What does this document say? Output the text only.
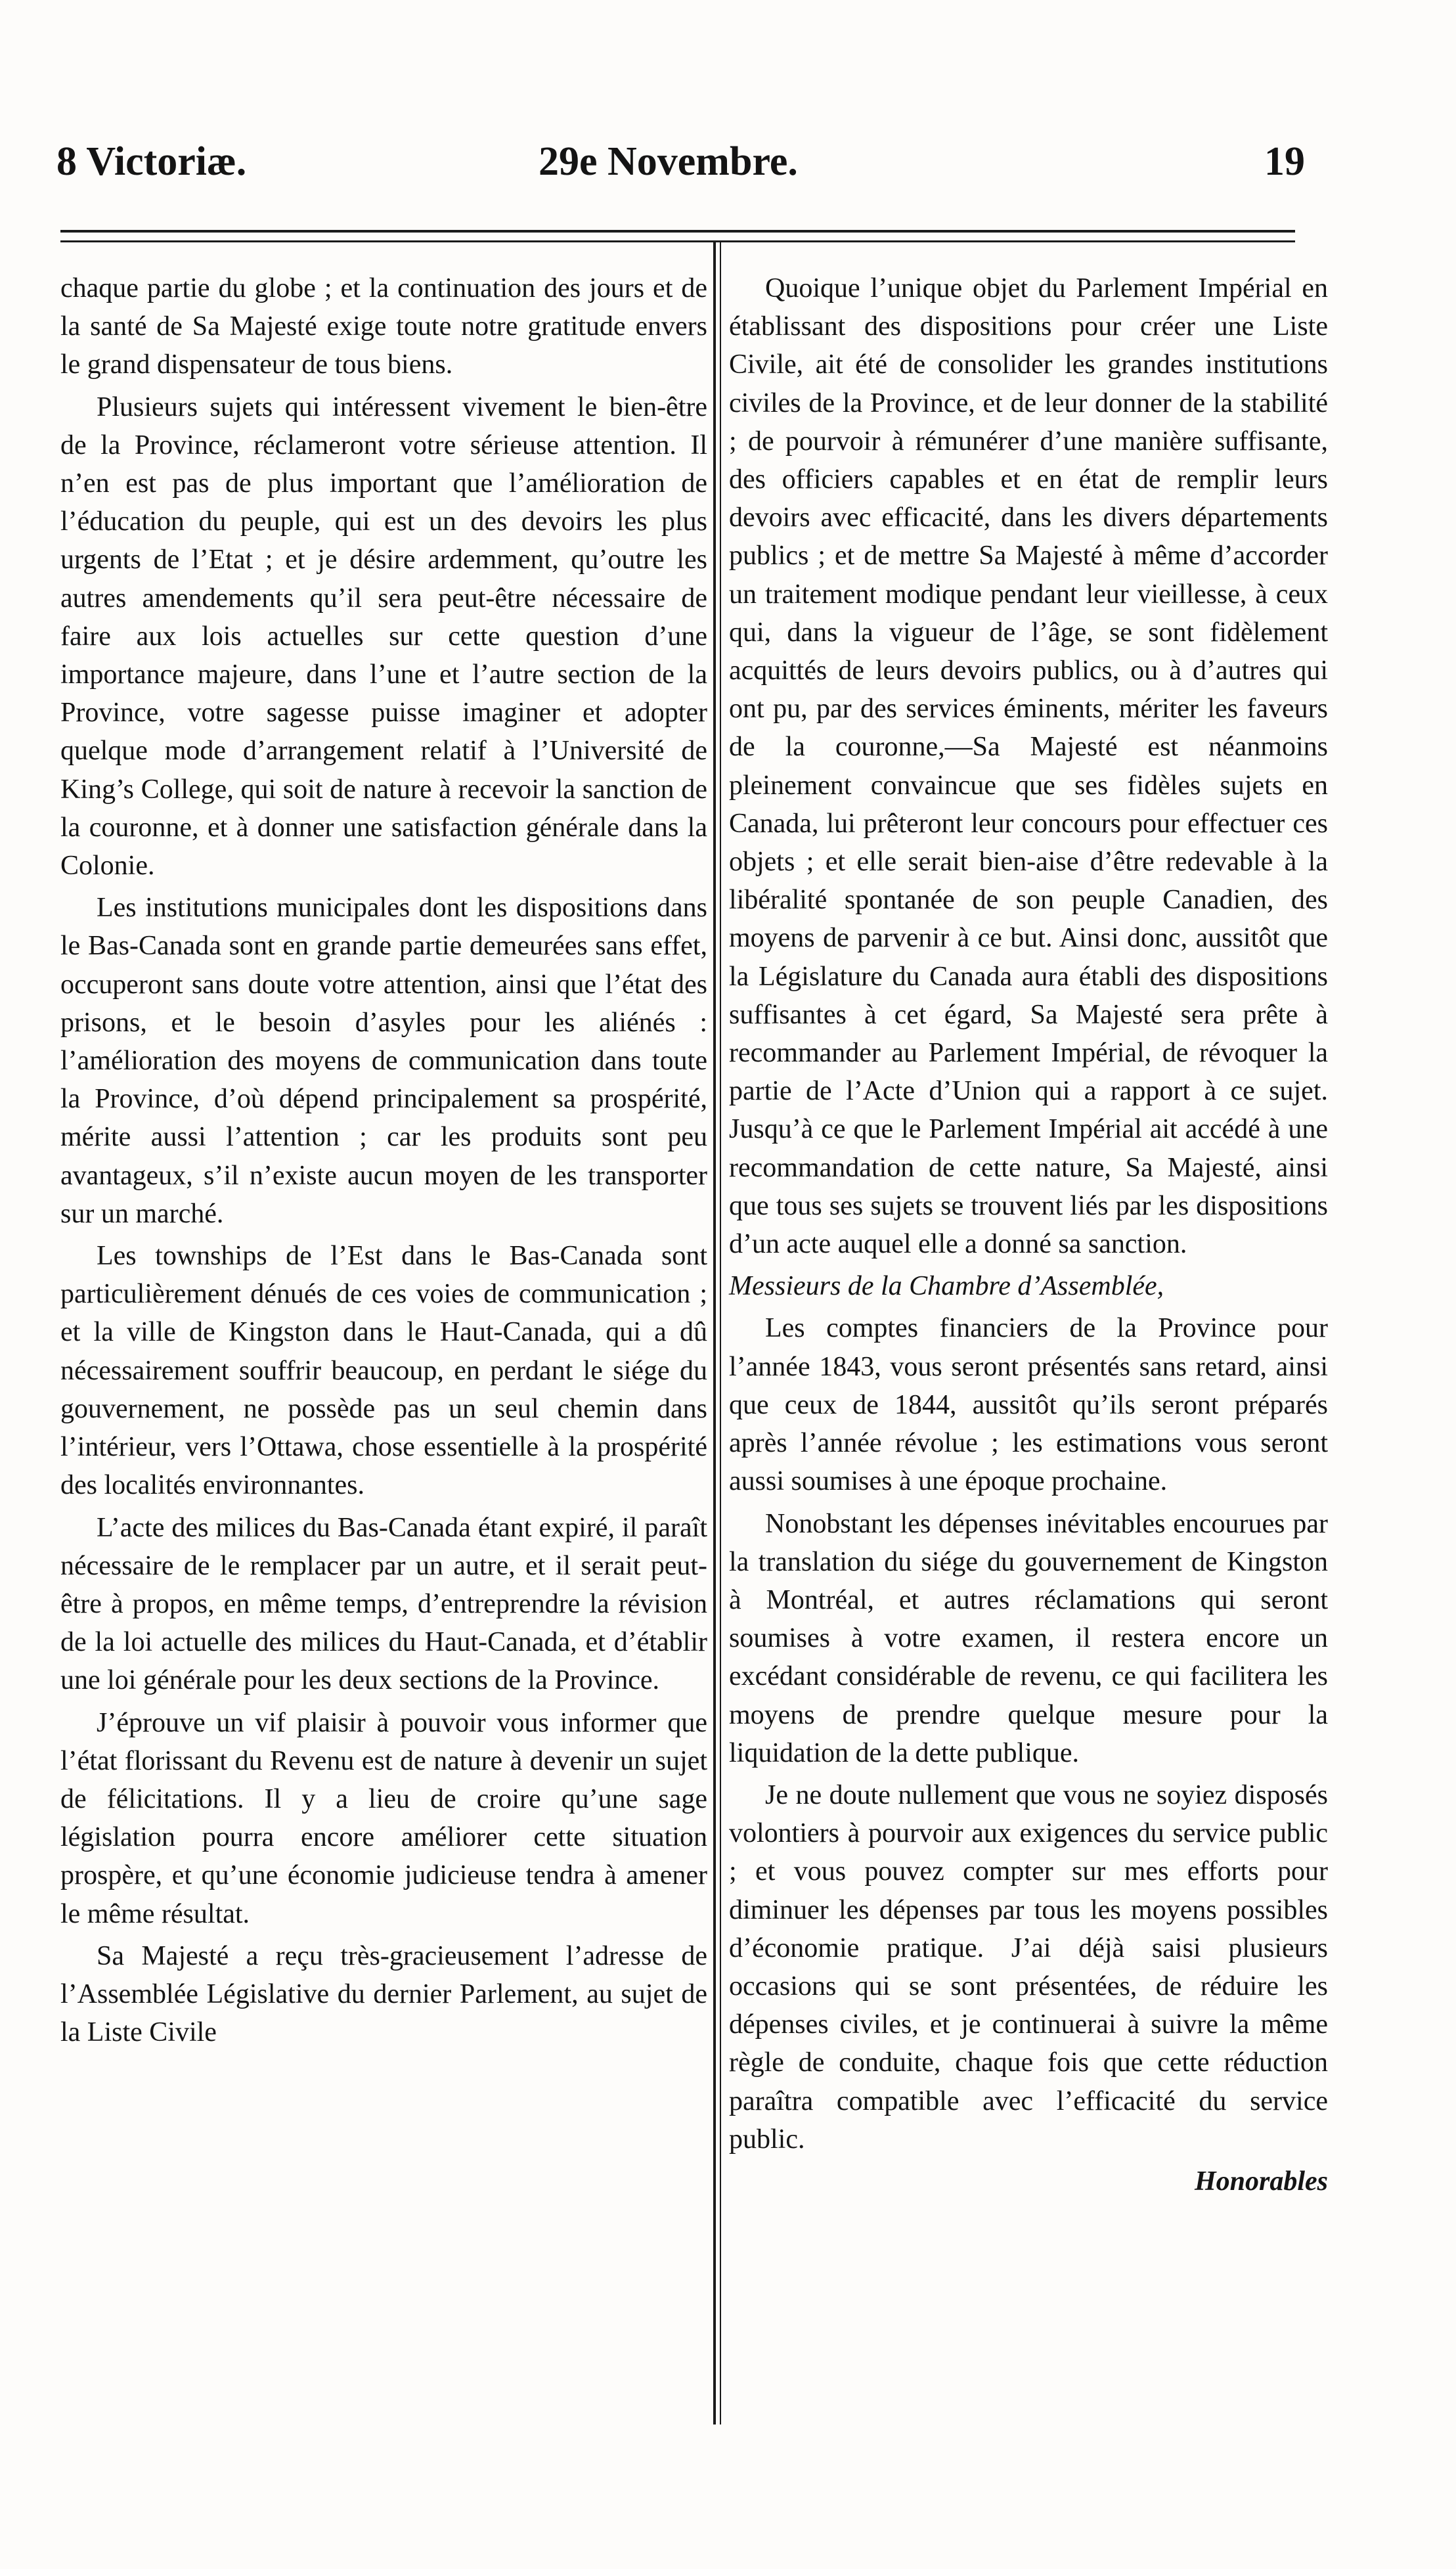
8 Victoriæ.	29e Novembre.	19

chaque partie du globe ; et la continuation des jours et de la santé de Sa Majesté exige toute notre gratitude envers le grand dispensateur de tous biens.

Plusieurs sujets qui intéressent vivement le bien-être de la Province, réclameront votre sérieuse attention. Il n’en est pas de plus important que l’amélioration de l’éducation du peuple, qui est un des devoirs les plus urgents de l’Etat ; et je désire ardemment, qu’outre les autres amendements qu’il sera peut-être nécessaire de faire aux lois actuelles sur cette question d’une importance majeure, dans l’une et l’autre section de la Province, votre sagesse puisse imaginer et adopter quelque mode d’arrangement relatif à l’Université de King’s College, qui soit de nature à recevoir la sanction de la couronne, et à donner une satisfaction générale dans la Colonie.

Les institutions municipales dont les dispositions dans le Bas-Canada sont en grande partie demeurées sans effet, occuperont sans doute votre attention, ainsi que l’état des prisons, et le besoin d’asyles pour les aliénés : l’amélioration des moyens de communication dans toute la Province, d’où dépend principalement sa prospérité, mérite aussi l’attention ; car les produits sont peu avantageux, s’il n’existe aucun moyen de les transporter sur un marché.

Les townships de l’Est dans le Bas-Canada sont particulièrement dénués de ces voies de communication ; et la ville de Kingston dans le Haut-Canada, qui a dû nécessairement souffrir beaucoup, en perdant le siége du gouvernement, ne possède pas un seul chemin dans l’intérieur, vers l’Ottawa, chose essentielle à la prospérité des localités environnantes.

L’acte des milices du Bas-Canada étant expiré, il paraît nécessaire de le remplacer par un autre, et il serait peut-être à propos, en même temps, d’entreprendre la révision de la loi actuelle des milices du Haut-Canada, et d’établir une loi générale pour les deux sections de la Province.

J’éprouve un vif plaisir à pouvoir vous informer que l’état florissant du Revenu est de nature à devenir un sujet de félicitations. Il y a lieu de croire qu’une sage législation pourra encore améliorer cette situation prospère, et qu’une économie judicieuse tendra à amener le même résultat.

Sa Majesté a reçu très-gracieusement l’adresse de l’Assemblée Législative du dernier Parlement, au sujet de la Liste Civile

Quoique l’unique objet du Parlement Impérial en établissant des dispositions pour créer une Liste Civile, ait été de consolider les grandes institutions civiles de la Province, et de leur donner de la stabilité ; de pourvoir à rémunérer d’une manière suffisante, des officiers capables et en état de remplir leurs devoirs avec efficacité, dans les divers départements publics ; et de mettre Sa Majesté à même d’accorder un traitement modique pendant leur vieillesse, à ceux qui, dans la vigueur de l’âge, se sont fidèlement acquittés de leurs devoirs publics, ou à d’autres qui ont pu, par des services éminents, mériter les faveurs de la couronne,—Sa Majesté est néanmoins pleinement convaincue que ses fidèles sujets en Canada, lui prêteront leur concours pour effectuer ces objets ; et elle serait bien-aise d’être redevable à la libéralité spontanée de son peuple Canadien, des moyens de parvenir à ce but. Ainsi donc, aussitôt que la Législature du Canada aura établi des dispositions suffisantes à cet égard, Sa Majesté sera prête à recommander au Parlement Impérial, de révoquer la partie de l’Acte d’Union qui a rapport à ce sujet. Jusqu’à ce que le Parlement Impérial ait accédé à une recommandation de cette nature, Sa Majesté, ainsi que tous ses sujets se trouvent liés par les dispositions d’un acte auquel elle a donné sa sanction.

Messieurs de la Chambre d’Assemblée,

Les comptes financiers de la Province pour l’année 1843, vous seront présentés sans retard, ainsi que ceux de 1844, aussitôt qu’ils seront préparés après l’année révolue ; les estimations vous seront aussi soumises à une époque prochaine.

Nonobstant les dépenses inévitables encourues par la translation du siége du gouvernement de Kingston à Montréal, et autres réclamations qui seront soumises à votre examen, il restera encore un excédant considérable de revenu, ce qui facilitera les moyens de prendre quelque mesure pour la liquidation de la dette publique.

Je ne doute nullement que vous ne soyiez disposés volontiers à pourvoir aux exigences du service public ; et vous pouvez compter sur mes efforts pour diminuer les dépenses par tous les moyens possibles d’économie pratique. J’ai déjà saisi plusieurs occasions qui se sont présentées, de réduire les dépenses civiles, et je continuerai à suivre la même règle de conduite, chaque fois que cette réduction paraîtra compatible avec l’efficacité du service public.

Honorables
